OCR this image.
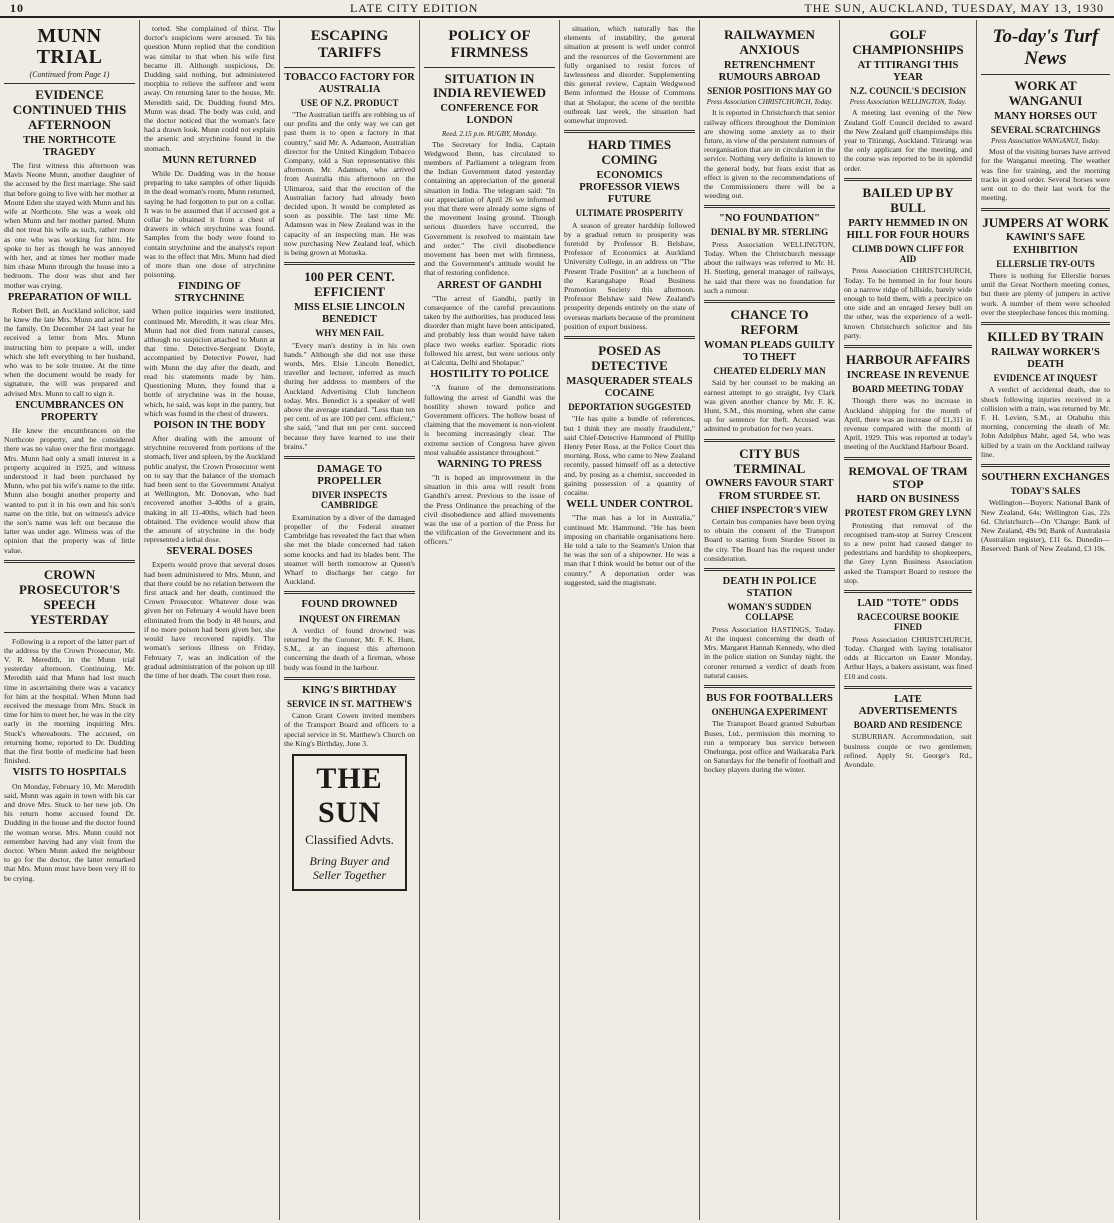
10	LATE CITY EDITION	THE SUN, AUCKLAND, TUESDAY, MAY 13, 1930
MUNN TRIAL
(Continued from Page 1)
EVIDENCE CONTINUED THIS AFTERNOON
THE NORTHCOTE TRAGEDY

The first witness this afternoon was Mavis Neone Munn, another daughter of the accused by the first marriage. She said that before going to live with her mother at Mount Eden she stayed with Munn and his wife at Northcote. She was a week old when Munn and her mother parted. Munn did not treat his wife as such, rather more as one who was working for him. He spoke to her as though he was annoyed with her, and at times her mother made him chase Munn through the house into a bedroom. The door was shut and her mother was crying.

PREPARATION OF WILL

Robert Bell, an Auckland solicitor, said he knew the late Mrs. Munn and acted for the family. On December 24 last year he received a letter from Mrs. Munn instructing him to prepare a will, under which she left everything to her husband, who was to be sole trustee. At the time when the document would be ready for signature, the will was prepared and advised Mrs. Munn to call to sign it.

ENCUMBRANCES ON PROPERTY

He knew the encumbrances on the Northcote property, and he considered there was no value over the first mortgage. Mrs. Munn had only a small interest in a property acquired in 1925, and witness understood it had been purchased by Munn, who put his wife's name to the title. Munn also bought another property and wanted to put it in his own and his son's name on the title, but on witness's advice the son's name was left out because the latter was under age. Witness was of the opinion that the property was of little value.

CROWN PROSECUTOR'S SPEECH YESTERDAY

Following is a report of the latter part of the address by the Crown Prosecutor, Mr. V. R. Meredith, in the Munn trial yesterday afternoon. Continuing, Mr. Meredith said that Munn had lost much time in ascertaining there was a vacancy for him at the hospital. When Munn had received the message from Mrs. Stuck in time for him to meet her, he was in the city early in the morning inquiring Mrs. Stuck's whereabouts. The accused, on returning home, reported to Dr. Dudding that the first bottle of medicine had been finished.

VISITS TO HOSPITALS

On Monday, February 10, Mr. Meredith said, Munn was again in town with his car and drove Mrs. Stuck to her new job. On his return home accused found Dr. Dudding in the house and the doctor found the woman worse. Mrs. Munn could not remember having had any visit from the doctor. When Munn asked the neighbour to go for the doctor, the latter remarked that Mrs. Munn must have been very ill to be crying.

torted. She complained of thirst. The doctor's suspicions were aroused. To his question Munn replied that the condition was similar to that when his wife first became ill. Although suspicious, Dr. Dudding said nothing, but administered morphia to relieve the sufferer and went away. On returning later to the house, Mr. Meredith said, Dr. Dudding found Mrs. Munn was dead. The body was cold, and the doctor noticed that the woman's face had a drawn look. Munn could not explain the arsenic and strychnine found in the stomach.

MUNN RETURNED

While Dr. Dudding was in the house preparing to take samples of other liquids in the dead woman's room, Munn returned, saying he had forgotten to put on a collar. It was to be assumed that if accused got a collar he obtained it from a chest of drawers in which strychnine was found. Samples from the body were found to contain strychnine and the analyst's report was to the effect that Mrs. Munn had died of more than one dose of strychnine poisoning.

FINDING OF STRYCHNINE

When police inquiries were instituted, continued Mr. Meredith, it was clear Mrs. Munn had not died from natural causes, although no suspicion attached to Munn at that time. Detective-Sergeant Doyle, accompanied by Detective Power, had with Munn the day after the death, and read his statements made by him. Questioning Munn, they found that a bottle of strychnine was in the house, which, he said, was kept in the pantry, but which was found in the chest of drawers.

POISON IN THE BODY

After dealing with the amount of strychnine recovered from portions of the stomach, liver and spleen, by the Auckland public analyst, the Crown Prosecutor went on to say that the balance of the stomach had been sent to the Government Analyst at Wellington, Mr. Donovan, who had recovered another 3-40ths of a grain, making in all 11-40ths, which had been obtained. The evidence would show that the amount of strychnine in the body represented a lethal dose.

SEVERAL DOSES

Experts would prove that several doses had been administered to Mrs. Munn, and that there could be no relation between the first attack and her death, continued the Crown Prosecutor. Whatever dose was given her on February 4 would have been eliminated from the body in 48 hours, and if no more poison had been given her, she would have recovered rapidly. The woman's serious illness on Friday, February 7, was an indication of the gradual administration of the poison up till the time of her death. The court then rose.

ESCAPING TARIFFS
TOBACCO FACTORY FOR AUSTRALIA
USE OF N.Z. PRODUCT

"The Australian tariffs are robbing us of our profits and the only way we can get past them is to open a factory in that country," said Mr. A. Adamson, Australian director for the United Kingdom Tobacco Company, told a Sun representative this afternoon. Mr. Adamson, who arrived from Australia this afternoon on the Ulimaroa, said that the erection of the Australian factory had already been decided upon. It would be completed as soon as possible. The last time Mr. Adamson was in New Zealand was in the capacity of an inspecting man. He was now purchasing New Zealand leaf, which is being grown at Motueka.

100 PER CENT. EFFICIENT
MISS ELSIE LINCOLN BENEDICT
WHY MEN FAIL

"Every man's destiny is in his own hands." Although she did not use these words, Mrs. Elsie Lincoln Benedict, traveller and lecturer, inferred as much during her address to members of the Auckland Advertising Club luncheon today. Mrs. Benedict is a speaker of well above the average standard. "Less than ten per cent. of us are 100 per cent. efficient," she said, "and that ten per cent. succeed because they have learned to use their brains."

DAMAGE TO PROPELLER
DIVER INSPECTS CAMBRIDGE

Examination by a diver of the damaged propeller of the Federal steamer Cambridge has revealed the fact that when she met the blade concerned had taken some knocks and had its blades bent. The steamer will berth tomorrow at Queen's Wharf to discharge her cargo for Auckland.

FOUND DROWNED
INQUEST ON FIREMAN

A verdict of found drowned was returned by the Coroner, Mr. F. K. Hunt, S.M., at an inquest this afternoon concerning the death of a fireman, whose body was found in the harbour.

KING'S BIRTHDAY
SERVICE IN ST. MATTHEW'S

Canon Grant Cowen invited members of the Transport Board and officers to a special service in St. Matthew's Church on the King's Birthday, June 3.

THE SUN
Classified Advts.
Bring Buyer and
Seller Together
POLICY OF FIRMNESS
SITUATION IN INDIA REVIEWED
CONFERENCE FOR LONDON
Reed. 2.15 p.m. RUGBY, Monday.

The Secretary for India, Captain Wedgwood Benn, has circulated to members of Parliament a telegram from the Indian Government dated yesterday containing an appreciation of the general situation in India. The telegram said: "In our appreciation of April 26 we informed you that there were already some signs of the movement losing ground. Though serious disorders have occurred, the Government is resolved to maintain law and order." The civil disobedience movement has been met with firmness, and the Government's attitude would be that of restoring confidence.

ARREST OF GANDHI

"The arrest of Gandhi, partly in consequence of the careful precautions taken by the authorities, has produced less disorder than might have been anticipated, and probably less than would have taken place two weeks earlier. Sporadic riots followed his arrest, but were serious only at Calcutta, Delhi and Sholapur."

HOSTILITY TO POLICE

"A feature of the demonstrations following the arrest of Gandhi was the hostility shown toward police and Government officers. The hollow boast of claiming that the movement is non-violent is becoming increasingly clear. The extreme section of Congress have given most valuable assistance throughout."

WARNING TO PRESS

"It is hoped an improvement in the situation in this area will result from Gandhi's arrest. Previous to the issue of the Press Ordinance the preaching of the civil disobedience and allied movements was the use of a portion of the Press for the vilification of the Government and its officers."

situation, which naturally has the elements of instability, the general situation at present is well under control and the resources of the Government are fully organised to resist forces of lawlessness and disorder. Supplementing this general review, Captain Wedgwood Benn informed the House of Commons that at Sholapur, the scene of the terrible outbreak last week, the situation had somewhat improved.

HARD TIMES COMING
ECONOMICS PROFESSOR VIEWS FUTURE
ULTIMATE PROSPERITY

A season of greater hardship followed by a gradual return to prosperity was foretold by Professor B. Belshaw, Professor of Economics at Auckland University College, in an address on "The Present Trade Position" at a luncheon of the Karangahape Road Business Promotion Society this afternoon. Professor Belshaw said New Zealand's prosperity depends entirely on the state of overseas markets because of the prominent position of export business.

POSED AS DETECTIVE
MASQUERADER STEALS COCAINE
DEPORTATION SUGGESTED

"He has quite a bundle of references, but I think they are mostly fraudulent," said Chief-Detective Hammond of Phillip Henry Peter Ross, at the Police Court this morning. Ross, who came to New Zealand recently, passed himself off as a detective and, by posing as a chemist, succeeded in gaining possession of a quantity of cocaine.

WELL UNDER CONTROL

"The man has a lot in Australia," continued Mr. Hammond. "He has been imposing on charitable organisations here. He told a tale to the Seamen's Union that he was the son of a shipowner. He was a man that I think would be better out of the country." A deportation order was suggested, said the magistrate.

RAILWAYMEN ANXIOUS
RETRENCHMENT RUMOURS ABROAD
SENIOR POSITIONS MAY GO
Press Association CHRISTCHURCH, Today.

It is reported in Christchurch that senior railway officers throughout the Dominion are showing some anxiety as to their future, in view of the persistent rumours of reorganisation that are in circulation in the service. Nothing very definite is known to the general body, but fears exist that as effect is given to the recommendations of the Commissioners there will be a weeding out.

"NO FOUNDATION"
DENIAL BY MR. STERLING

Press Association WELLINGTON, Today. When the Christchurch message about the railways was referred to Mr. H. H. Sterling, general manager of railways, he said that there was no foundation for such a rumour.

CHANCE TO REFORM
WOMAN PLEADS GUILTY TO THEFT
CHEATED ELDERLY MAN

Said by her counsel to be making an earnest attempt to go straight, Ivy Clark was given another chance by Mr. F. K. Hunt, S.M., this morning, when she came up for sentence for theft. Accused was admitted to probation for two years.

CITY BUS TERMINAL
OWNERS FAVOUR START FROM STURDEE ST.
CHIEF INSPECTOR'S VIEW

Certain bus companies have been trying to obtain the consent of the Transport Board to starting from Sturdee Street in the city. The Board has the request under consideration.

DEATH IN POLICE STATION
WOMAN'S SUDDEN COLLAPSE

Press Association HASTINGS, Today. At the inquest concerning the death of Mrs. Margaret Hannah Kennedy, who died in the police station on Sunday night, the coroner returned a verdict of death from natural causes.

BUS FOR FOOTBALLERS
ONEHUNGA EXPERIMENT

The Transport Board granted Suburban Buses, Ltd., permission this morning to run a temporary bus service between Onehunga, post office and Waikaraka Park on Saturdays for the benefit of football and hockey players during the winter.

GOLF CHAMPIONSHIPS
AT TITIRANGI THIS YEAR
N.Z. COUNCIL'S DECISION
Press Association WELLINGTON, Today.

A meeting last evening of the New Zealand Golf Council decided to award the New Zealand golf championships this year to Titirangi, Auckland. Titirangi was the only applicant for the meeting, and the course was reported to be in splendid order.

BAILED UP BY BULL
PARTY HEMMED IN ON HILL FOR FOUR HOURS
CLIMB DOWN CLIFF FOR AID

Press Association CHRISTCHURCH, Today. To be hemmed in for four hours on a narrow ridge of hillside, barely wide enough to hold them, with a precipice on one side and an enraged Jersey bull on the other, was the experience of a well-known Christchurch solicitor and his party.

HARBOUR AFFAIRS
INCREASE IN REVENUE
BOARD MEETING TODAY

Though there was no increase in Auckland shipping for the month of April, there was an increase of £1,311 in revenue compared with the month of April, 1929. This was reported at today's meeting of the Auckland Harbour Board.

REMOVAL OF TRAM STOP
HARD ON BUSINESS
PROTEST FROM GREY LYNN

Protesting that removal of the recognised tram-stop at Surrey Crescent to a new point had caused danger to pedestrians and hardship to shopkeepers, the Grey Lynn Business Association asked the Transport Board to restore the stop.

LAID "TOTE" ODDS
RACECOURSE BOOKIE FINED

Press Association CHRISTCHURCH, Today. Charged with laying totalisator odds at Riccarton on Easter Monday, Arthur Hays, a bakers assistant, was fined £10 and costs.

LATE ADVERTISEMENTS
BOARD AND RESIDENCE

SUBURBAN. Accommodation, suit business couple or two gentlemen; refined. Apply St. George's Rd., Avondale.

To-day's Turf News
WORK AT WANGANUI
MANY HORSES OUT
SEVERAL SCRATCHINGS
Press Association WANGANUI, Today.

Most of the visiting horses have arrived for the Wanganui meeting. The weather was fine for training, and the morning tracks in good order. Several horses were sent out to do their last work for the meeting.

JUMPERS AT WORK
KAWINI'S SAFE EXHIBITION
ELLERSLIE TRY-OUTS

There is nothing for Ellerslie horses until the Great Northern meeting comes, but there are plenty of jumpers in active work. A number of them were schooled over the steeplechase fences this morning.

KILLED BY TRAIN
RAILWAY WORKER'S DEATH
EVIDENCE AT INQUEST

A verdict of accidental death, due to shock following injuries received in a collision with a train, was returned by Mr. F. H. Levien, S.M., at Otahuhu this morning, concerning the death of Mr. John Adolphus Mahr, aged 54, who was killed by a train on the Auckland railway line.

SOUTHERN EXCHANGES
TODAY'S SALES

Wellington—Buyers: National Bank of New Zealand, 64s; Wellington Gas, 22s 6d. Christchurch—On 'Change: Bank of New Zealand, 49s 9d; Bank of Australasia (Australian register), £11 6s. Dunedin—Reserved: Bank of New Zealand, £3 10s.
